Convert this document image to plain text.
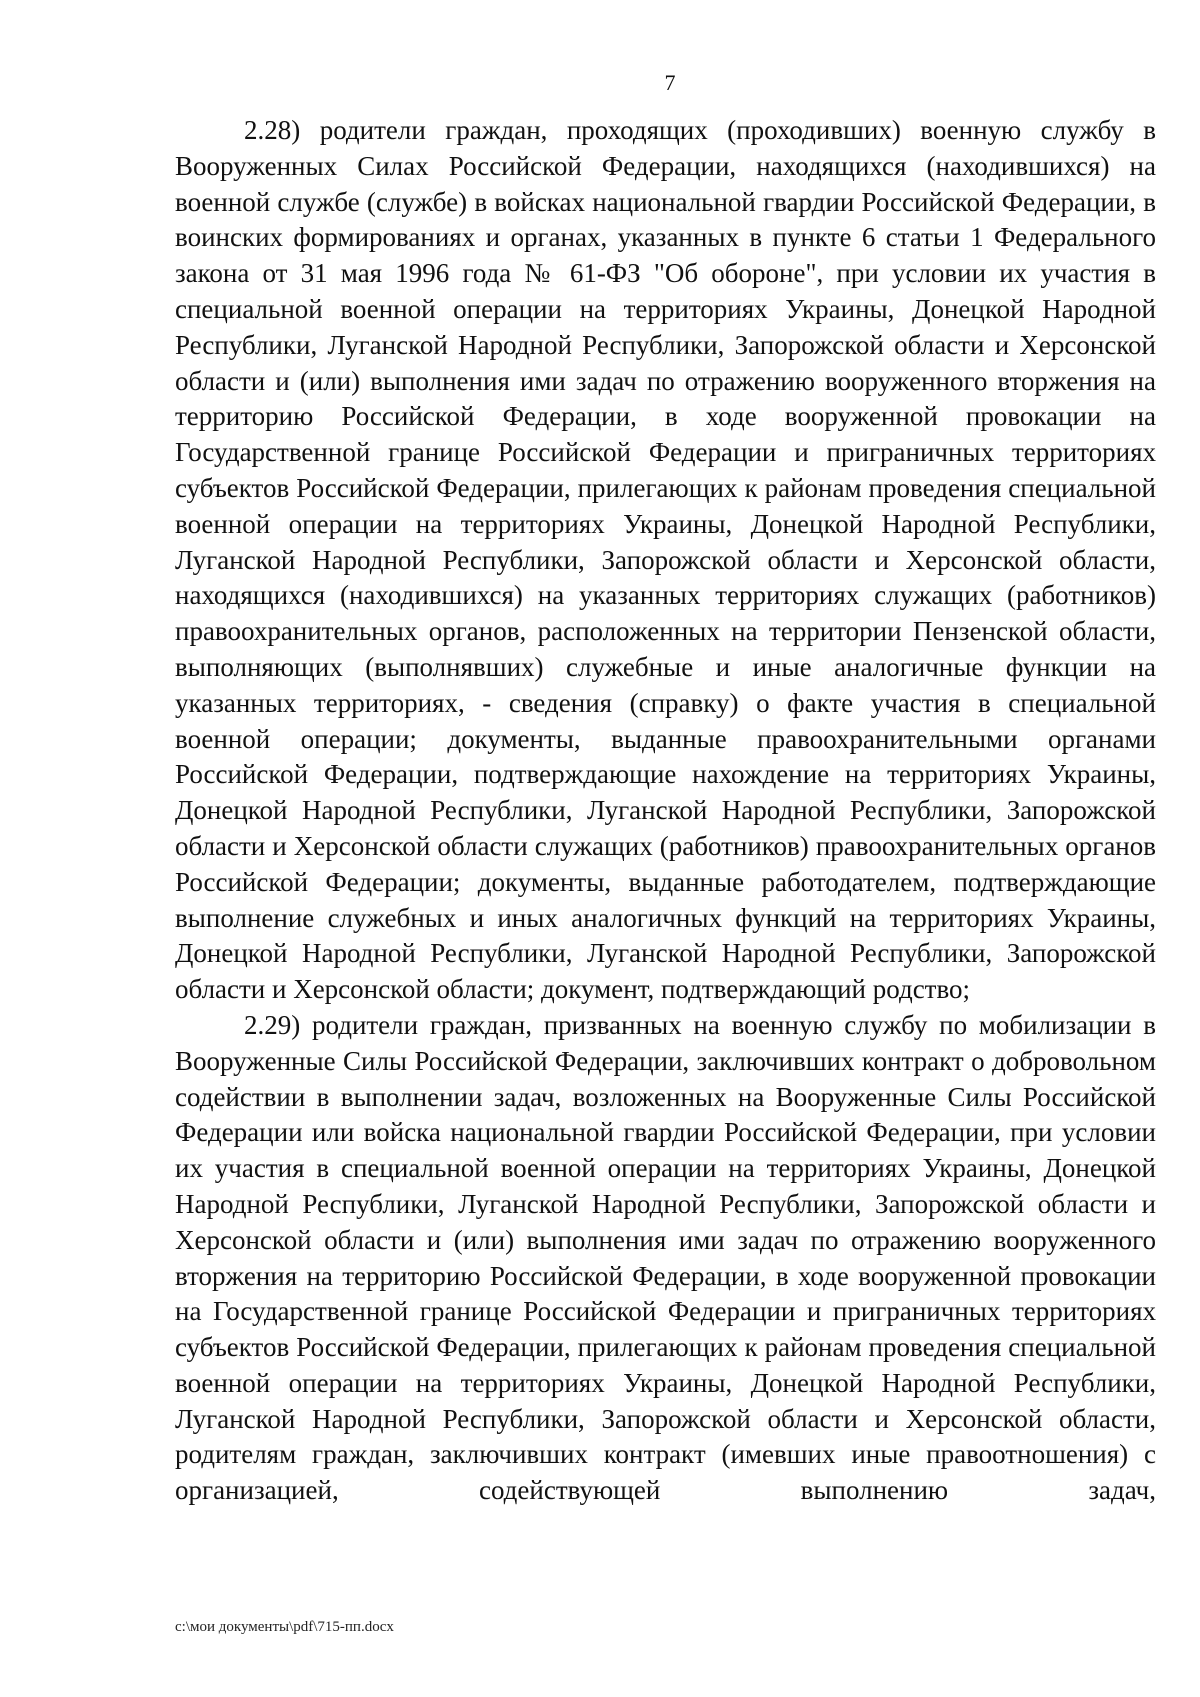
7

2.28) родители граждан, проходящих (проходивших) военную службу в Вооруженных Силах Российской Федерации, находящихся (находившихся) на военной службе (службе) в войсках национальной гвардии Российской Федерации, в воинских формированиях и органах, указанных в пункте 6 статьи 1 Федерального закона от 31 мая 1996 года № 61-ФЗ "Об обороне", при условии их участия в специальной военной операции на территориях Украины, Донецкой Народной Республики, Луганской Народной Республики, Запорожской области и Херсонской области и (или) выполнения ими задач по отражению вооруженного вторжения на территорию Российской Федерации, в ходе вооруженной провокации на Государственной границе Российской Федерации и приграничных территориях субъектов Российской Федерации, прилегающих к районам проведения специальной военной операции на территориях Украины, Донецкой Народной Республики, Луганской Народной Республики, Запорожской области и Херсонской области, находящихся (находившихся) на указанных территориях служащих (работников) правоохранительных органов, расположенных на территории Пензенской области, выполняющих (выполнявших) служебные и иные аналогичные функции на указанных территориях, - сведения (справку) о факте участия в специальной военной операции; документы, выданные правоохранительными органами Российской Федерации, подтверждающие нахождение на территориях Украины, Донецкой Народной Республики, Луганской Народной Республики, Запорожской области и Херсонской области служащих (работников) правоохранительных органов Российской Федерации; документы, выданные работодателем, подтверждающие выполнение служебных и иных аналогичных функций на территориях Украины, Донецкой Народной Республики, Луганской Народной Республики, Запорожской области и Херсонской области; документ, подтверждающий родство;

2.29) родители граждан, призванных на военную службу по мобилизации в Вооруженные Силы Российской Федерации, заключивших контракт о добровольном содействии в выполнении задач, возложенных на Вооруженные Силы Российской Федерации или войска национальной гвардии Российской Федерации, при условии их участия в специальной военной операции на территориях Украины, Донецкой Народной Республики, Луганской Народной Республики, Запорожской области и Херсонской области и (или) выполнения ими задач по отражению вооруженного вторжения на территорию Российской Федерации, в ходе вооруженной провокации на Государственной границе Российской Федерации и приграничных территориях субъектов Российской Федерации, прилегающих к районам проведения специальной военной операции на территориях Украины, Донецкой Народной Республики, Луганской Народной Республики, Запорожской области и Херсонской области, родителям граждан, заключивших контракт (имевших иные правоотношения) с организацией, содействующей выполнению задач,

c:\мои документы\pdf\715-пп.docx
